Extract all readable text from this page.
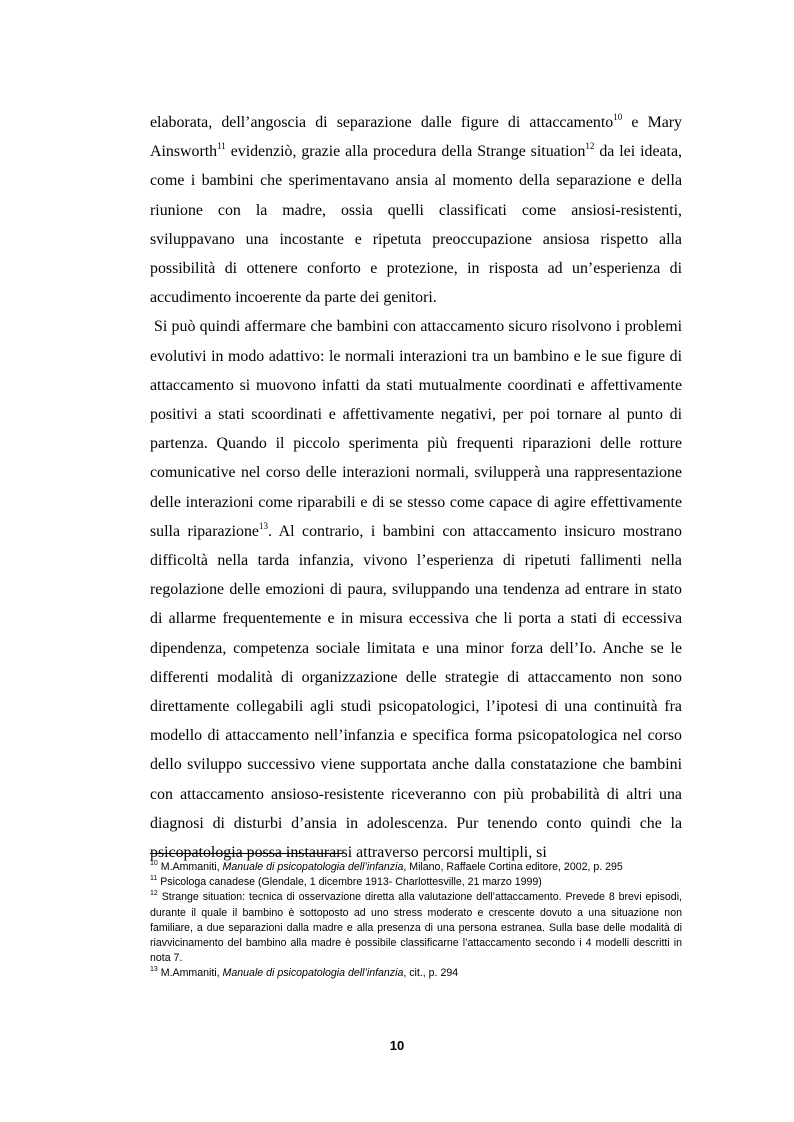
elaborata, dell’angoscia di separazione dalle figure di attaccamento$^{10}$ e Mary Ainsworth$^{11}$ evidenziò, grazie alla procedura della Strange situation$^{12}$ da lei ideata, come i bambini che sperimentavano ansia al momento della separazione e della riunione con la madre, ossia quelli classificati come ansiosi-resistenti, sviluppavano una incostante e ripetuta preoccupazione ansiosa rispetto alla possibilità di ottenere conforto e protezione, in risposta ad un’esperienza di accudimento incoerente da parte dei genitori.

Si può quindi affermare che bambini con attaccamento sicuro risolvono i problemi evolutivi in modo adattivo: le normali interazioni tra un bambino e le sue figure di attaccamento si muovono infatti da stati mutualmente coordinati e affettivamente positivi a stati scoordinati e affettivamente negativi, per poi tornare al punto di partenza. Quando il piccolo sperimenta più frequenti riparazioni delle rotture comunicative nel corso delle interazioni normali, svilupperà una rappresentazione delle interazioni come riparabili e di se stesso come capace di agire effettivamente sulla riparazione$^{13}$. Al contrario, i bambini con attaccamento insicuro mostrano difficoltà nella tarda infanzia, vivono l’esperienza di ripetuti fallimenti nella regolazione delle emozioni di paura, sviluppando una tendenza ad entrare in stato di allarme frequentemente e in misura eccessiva che li porta a stati di eccessiva dipendenza, competenza sociale limitata e una minor forza dell’Io. Anche se le differenti modalità di organizzazione delle strategie di attaccamento non sono direttamente collegabili agli studi psicopatologici, l’ipotesi di una continuità fra modello di attaccamento nell’infanzia e specifica forma psicopatologica nel corso dello sviluppo successivo viene supportata anche dalla constatazione che bambini con attaccamento ansioso-resistente riceveranno con più probabilità di altri una diagnosi di disturbi d’ansia in adolescenza. Pur tenendo conto quindi che la psicopatologia possa instaurarsi attraverso percorsi multipli, si

$^{10}$ M.Ammaniti, Manuale di psicopatologia dell’infanzia, Milano, Raffaele Cortina editore, 2002, p. 295

$^{11}$ Psicologa canadese (Glendale, 1 dicembre 1913- Charlottesville, 21 marzo 1999)

$^{12}$ Strange situation: tecnica di osservazione diretta alla valutazione dell’attaccamento. Prevede 8 brevi episodi, durante il quale il bambino è sottoposto ad uno stress moderato e crescente dovuto a una situazione non familiare, a due separazioni dalla madre e alla presenza di una persona estranea. Sulla base delle modalità di riavvicinamento del bambino alla madre è possibile classificarne l’attaccamento secondo i 4 modelli descritti in nota 7.

$^{13}$ M.Ammaniti, Manuale di psicopatologia dell’infanzia, cit., p. 294

10
